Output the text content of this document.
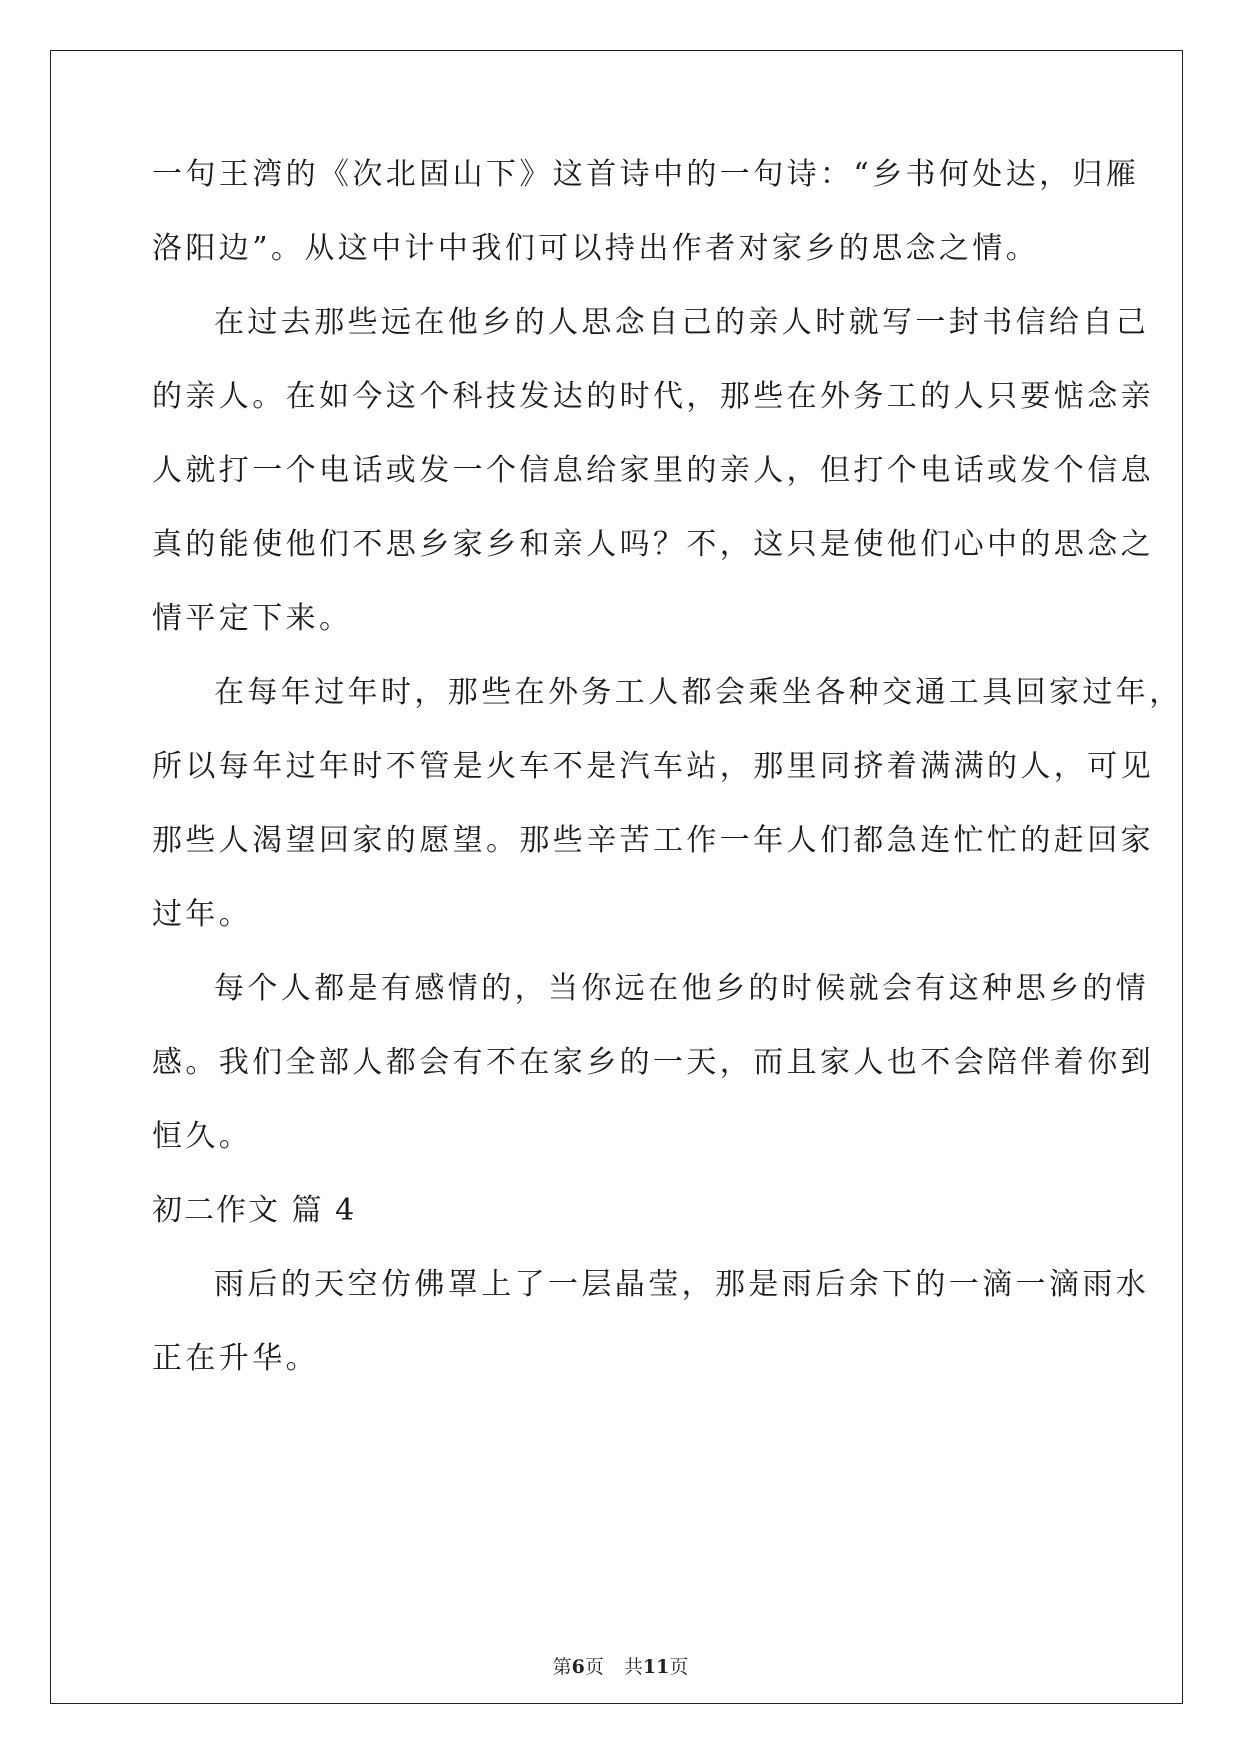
一句王湾的《次北固山下》这首诗中的一句诗：“乡书何处达，归雁
洛阳边”。从这中计中我们可以持出作者对家乡的思念之情。
在过去那些远在他乡的人思念自己的亲人时就写一封书信给自己
的亲人。在如今这个科技发达的时代，那些在外务工的人只要惦念亲
人就打一个电话或发一个信息给家里的亲人，但打个电话或发个信息
真的能使他们不思乡家乡和亲人吗？不，这只是使他们心中的思念之
情平定下来。
在每年过年时，那些在外务工人都会乘坐各种交通工具回家过年，
所以每年过年时不管是火车不是汽车站，那里同挤着满满的人，可见
那些人渴望回家的愿望。那些辛苦工作一年人们都急连忙忙的赶回家
过年。
每个人都是有感情的，当你远在他乡的时候就会有这种思乡的情
感。我们全部人都会有不在家乡的一天，而且家人也不会陪伴着你到
恒久。
初二作文 篇 4
雨后的天空仿佛罩上了一层晶莹，那是雨后余下的一滴一滴雨水
正在升华。
第6页 共11页
